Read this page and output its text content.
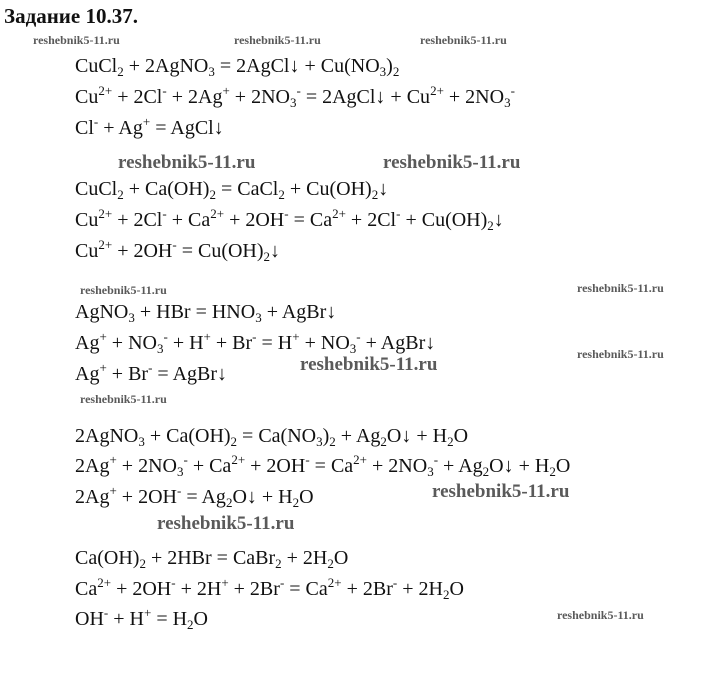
Задание 10.37.
reshebnik5-11.ru	reshebnik5-11.ru	reshebnik5-11.ru
reshebnik5-11.ru	reshebnik5-11.ru
reshebnik5-11.ru	reshebnik5-11.ru
reshebnik5-11.ru
reshebnik5-11.ru
reshebnik5-11.ru
reshebnik5-11.ru
reshebnik5-11.ru
reshebnik5-11.ru
CuCl$_2$ + 2AgNO$_3$ = 2AgCl↓ + $Cu(NO_3)_2$
$Cu^{2+} + 2Cl^- + 2Ag^+ + 2NO_3^-$ = 2AgCl↓ + $Cu^{2+} + 2NO_3^-$
Cl- + Ag+ = AgCl↓
CuCl$_2$ + $Ca(OH)_2$ = CaCl$_2$ + $Cu(OH)_2↓$
$Cu^{2+} + 2Cl^- + Ca^{2+} + 2OH^- = Ca^{2+} + 2Cl^-$ + $Cu(OH)_2↓$
$Cu^{2+} + 2OH^-$ = $Cu(OH)_2↓$
AgNO$_3$ + HBr = $HNO_3$ + AgBr↓
$Ag^+ + NO_3^- + H^+ + Br^- = H^+ + NO_3^-$ + AgBr↓
Ag+ + Br- = AgBr↓
2AgNO$_3$ + $Ca(OH)_2 = Ca(NO_3)_2$ + $Ag_2O↓ + H_2O$
$2Ag^+ + 2NO_3^- + Ca^{2+} + 2OH^- = Ca^{2+} + 2NO_3^-$ + $Ag_2O↓ + H_2O$
$2Ag^+ + 2OH^- = Ag_2O↓ + H_2O$
$Ca(OH)_2 + 2HBr$ = CaBr$_2$ + $2H_2O$
$Ca^{2+} + 2OH^- + 2H^+ + 2Br^- = Ca^{2+} + 2Br^- + 2H_2O$
$OH^- + H^+ = H_2O$
